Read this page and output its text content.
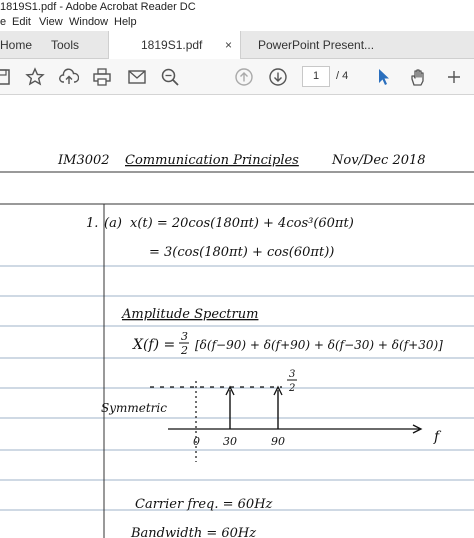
1819S1.pdf - Adobe Acrobat Reader DC
e Edit View Window Help
Home	Tools	1819S1.pdf × PowerPoint Present...
1	/ 4
IM3002 Communication Principles	Nov/Dec 2018
1. (a) x(t) = 20cos(180πt) + 4cos³(60πt)
= 3(cos(180πt) + cos(60πt))
Amplitude Spectrum
X(f) =
3
2 [δ(f−90) + δ(f+90) + δ(f−30) + δ(f+30)]
3
2
Symmetric
0 30	90	f
Carrier freq. = 60Hz
Bandwidth = 60Hz
